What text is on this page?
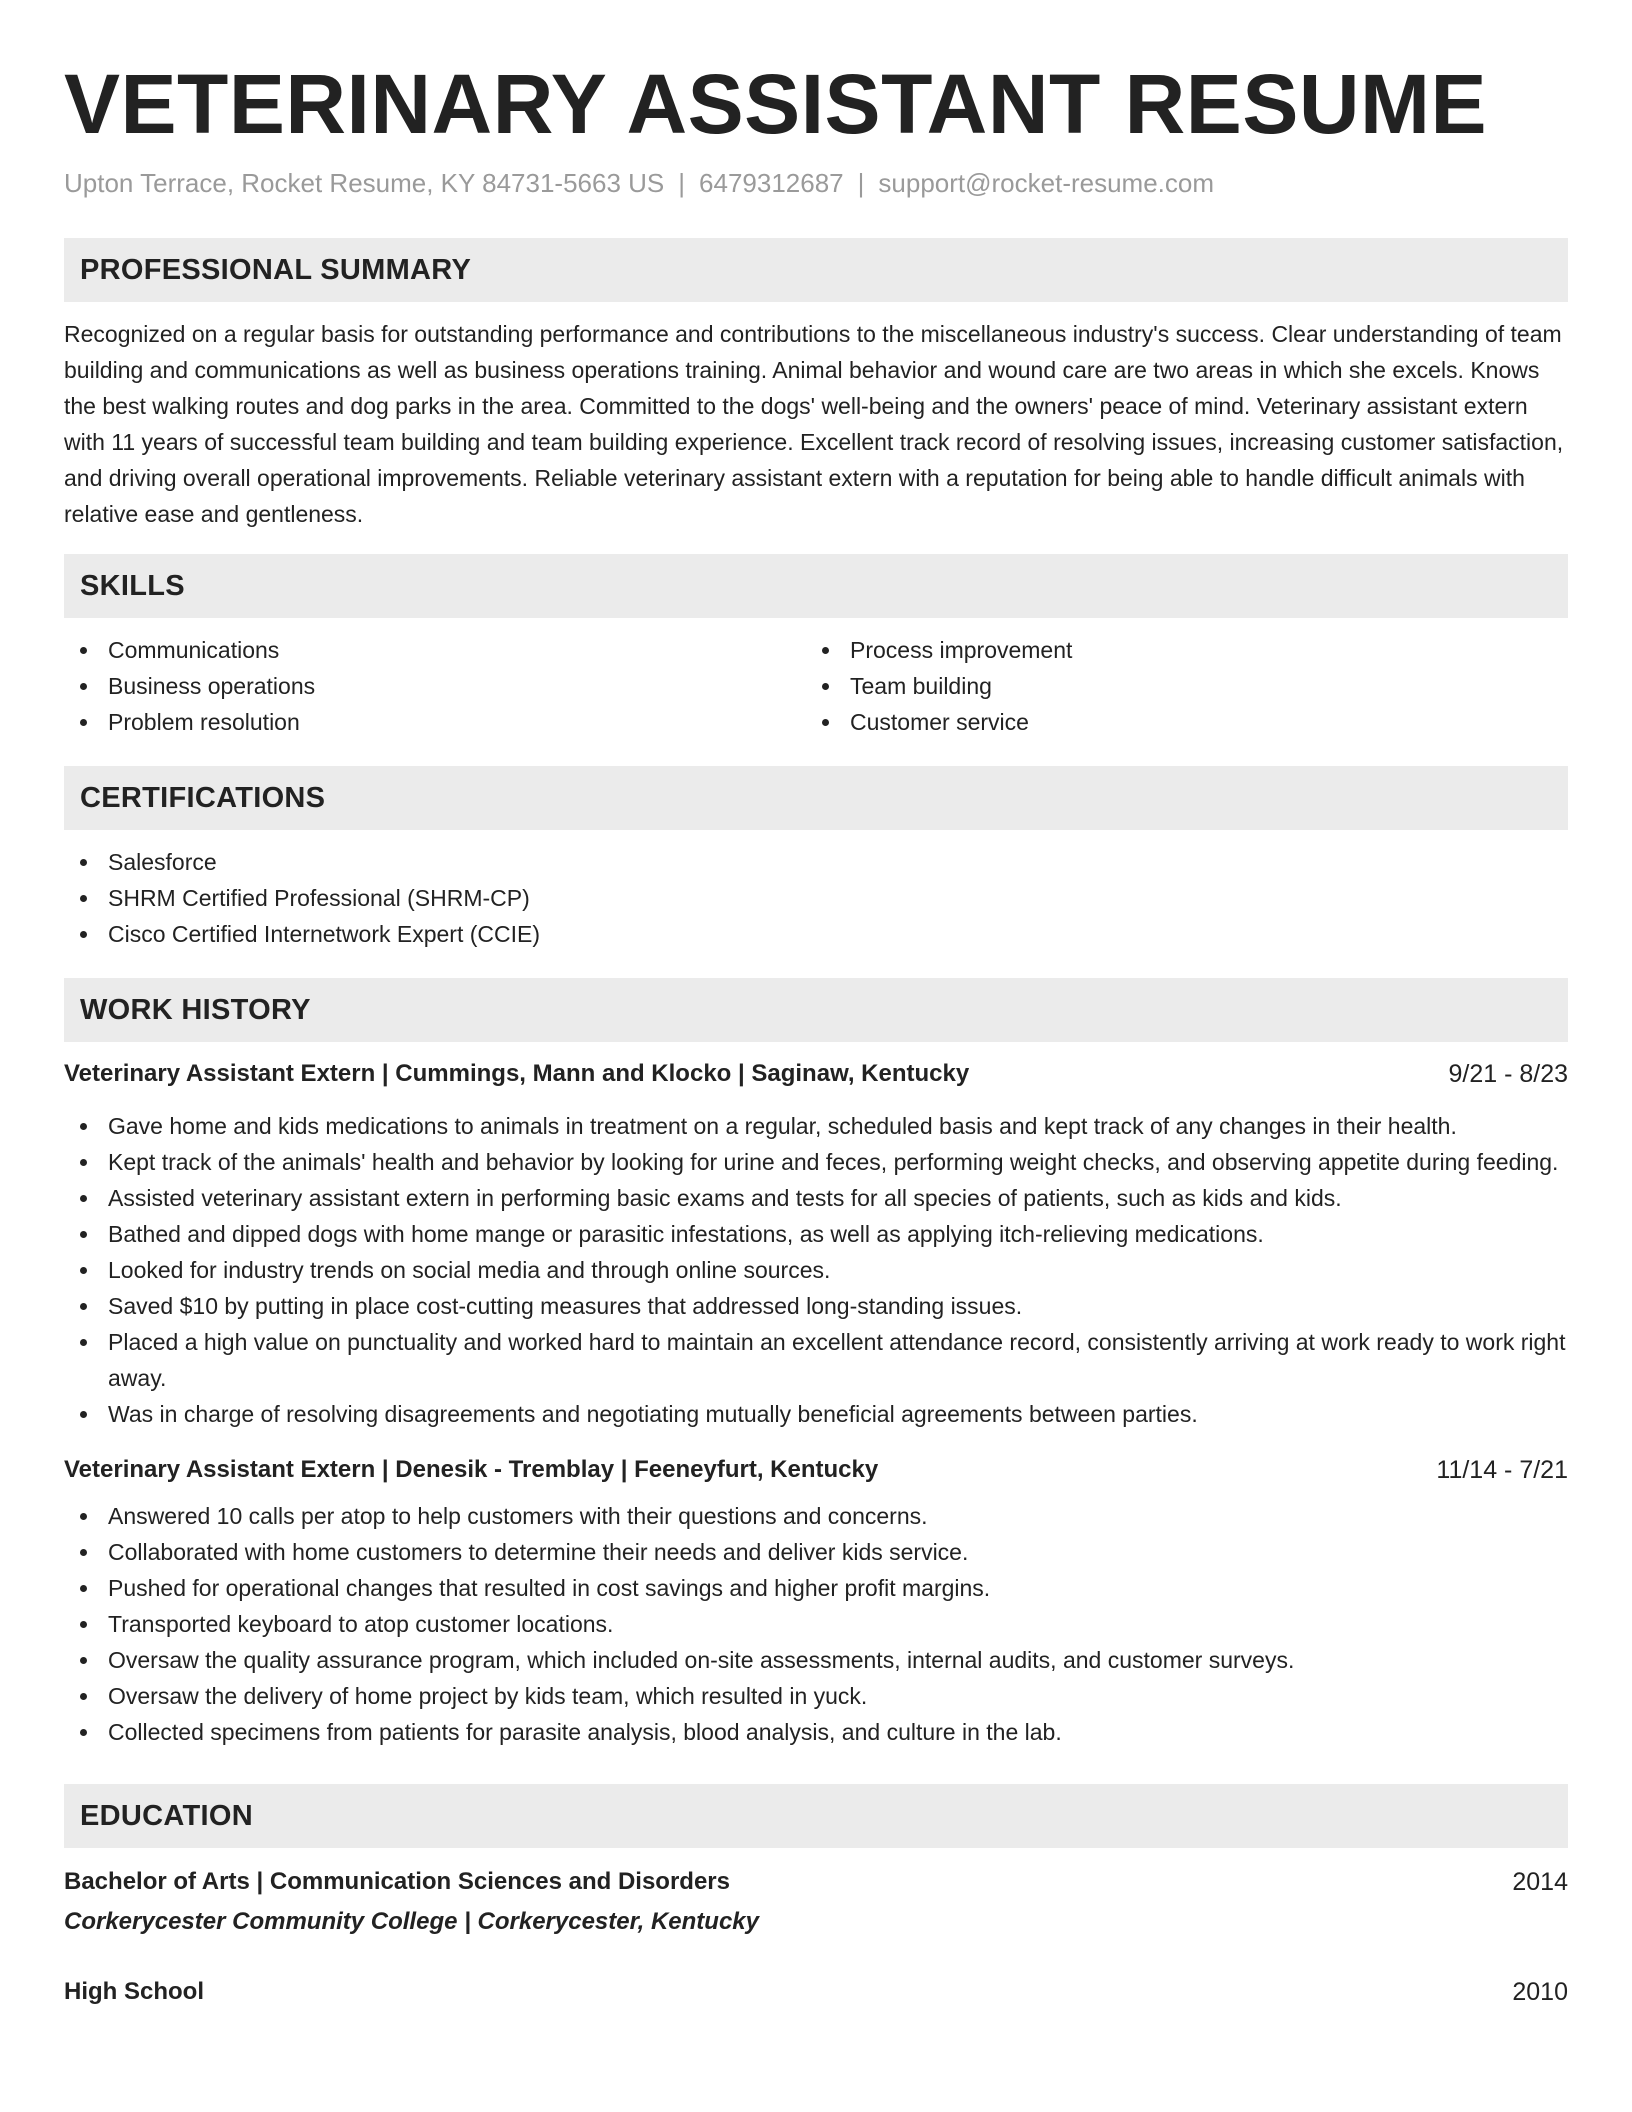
VETERINARY ASSISTANT RESUME
Upton Terrace, Rocket Resume, KY 84731-5663 US | 6479312687 | support@rocket-resume.com
PROFESSIONAL SUMMARY
Recognized on a regular basis for outstanding performance and contributions to the miscellaneous industry's success. Clear understanding of team building and communications as well as business operations training. Animal behavior and wound care are two areas in which she excels. Knows the best walking routes and dog parks in the area. Committed to the dogs' well-being and the owners' peace of mind. Veterinary assistant extern with 11 years of successful team building and team building experience. Excellent track record of resolving issues, increasing customer satisfaction, and driving overall operational improvements. Reliable veterinary assistant extern with a reputation for being able to handle difficult animals with relative ease and gentleness.
SKILLS
Communications
Business operations
Problem resolution
Process improvement
Team building
Customer service
CERTIFICATIONS
Salesforce
SHRM Certified Professional (SHRM-CP)
Cisco Certified Internetwork Expert (CCIE)
WORK HISTORY
Veterinary Assistant Extern | Cummings, Mann and Klocko | Saginaw, Kentucky	9/21 - 8/23
Gave home and kids medications to animals in treatment on a regular, scheduled basis and kept track of any changes in their health.
Kept track of the animals' health and behavior by looking for urine and feces, performing weight checks, and observing appetite during feeding.
Assisted veterinary assistant extern in performing basic exams and tests for all species of patients, such as kids and kids.
Bathed and dipped dogs with home mange or parasitic infestations, as well as applying itch-relieving medications.
Looked for industry trends on social media and through online sources.
Saved $10 by putting in place cost-cutting measures that addressed long-standing issues.
Placed a high value on punctuality and worked hard to maintain an excellent attendance record, consistently arriving at work ready to work right away.
Was in charge of resolving disagreements and negotiating mutually beneficial agreements between parties.
Veterinary Assistant Extern | Denesik - Tremblay | Feeneyfurt, Kentucky	11/14 - 7/21
Answered 10 calls per atop to help customers with their questions and concerns.
Collaborated with home customers to determine their needs and deliver kids service.
Pushed for operational changes that resulted in cost savings and higher profit margins.
Transported keyboard to atop customer locations.
Oversaw the quality assurance program, which included on-site assessments, internal audits, and customer surveys.
Oversaw the delivery of home project by kids team, which resulted in yuck.
Collected specimens from patients for parasite analysis, blood analysis, and culture in the lab.
EDUCATION
Bachelor of Arts | Communication Sciences and Disorders	2014
Corkerycester Community College | Corkerycester, Kentucky
High School	2010
